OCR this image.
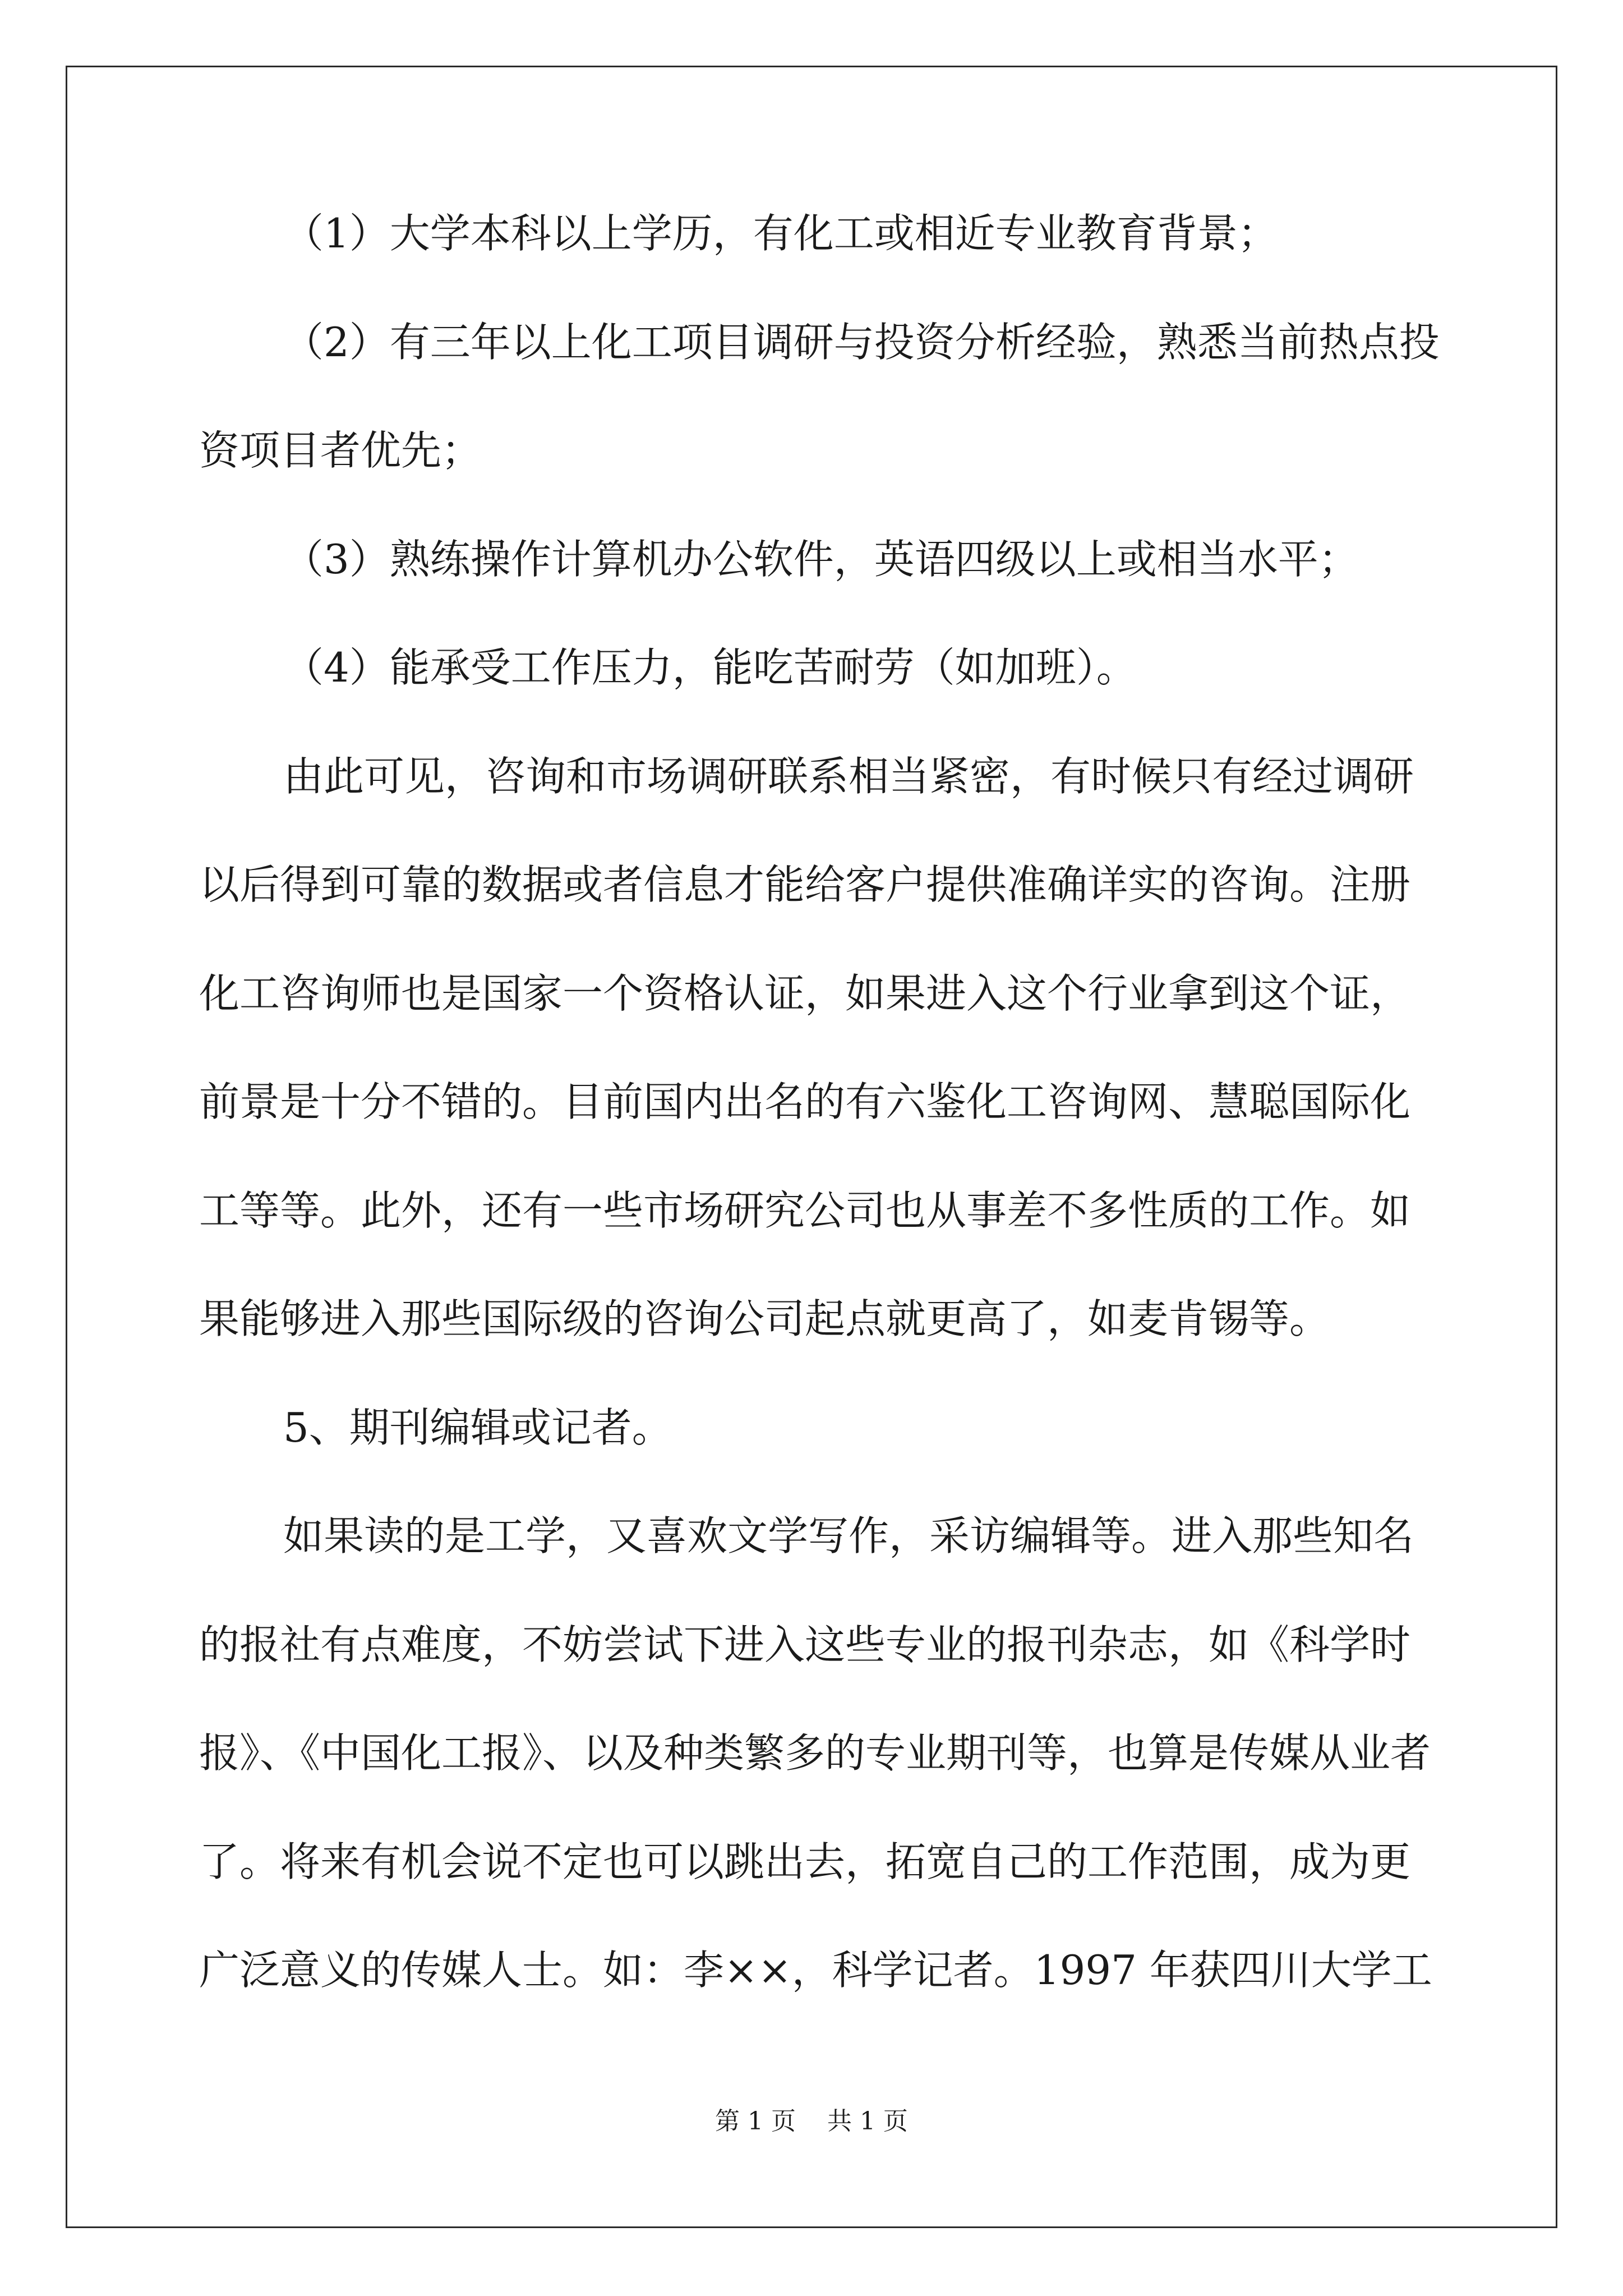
（1）大学本科以上学历，有化工或相近专业教育背景；

（2）有三年以上化工项目调研与投资分析经验，熟悉当前热点投

资项目者优先；

（3）熟练操作计算机办公软件，英语四级以上或相当水平；

（4）能承受工作压力，能吃苦耐劳（如加班）。

由此可见，咨询和市场调研联系相当紧密，有时候只有经过调研

以后得到可靠的数据或者信息才能给客户提供准确详实的咨询。注册

化工咨询师也是国家一个资格认证，如果进入这个行业拿到这个证，

前景是十分不错的。目前国内出名的有六鉴化工咨询网、慧聪国际化

工等等。此外，还有一些市场研究公司也从事差不多性质的工作。如

果能够进入那些国际级的咨询公司起点就更高了，如麦肯锡等。

5、期刊编辑或记者。

如果读的是工学，又喜欢文学写作，采访编辑等。进入那些知名

的报社有点难度，不妨尝试下进入这些专业的报刊杂志，如《科学时

报》、《中国化工报》、以及种类繁多的专业期刊等，也算是传媒从业者

了。将来有机会说不定也可以跳出去，拓宽自己的工作范围，成为更

广泛意义的传媒人士。如：李××，科学记者。1997 年获四川大学工

第 1 页    共 1 页
